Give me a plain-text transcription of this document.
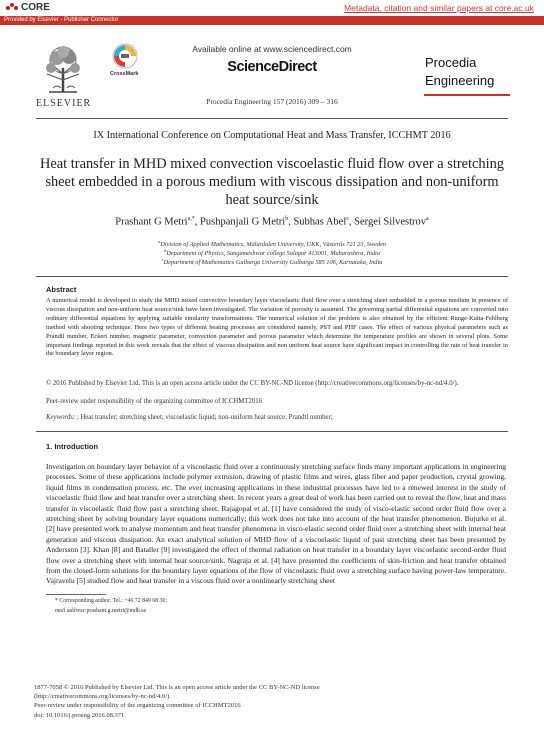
CORE	Metadata, citation and similar papers at core.ac.uk
Provided by Elsevier - Publisher Connector
ELSEVIER
CrossMark
Available online at www.sciencedirect.com
ScienceDirect
Procedia Engineering 157 (2016) 309 – 316
Procedia
Engineering
IX International Conference on Computational Heat and Mass Transfer, ICCHMT 2016
Heat transfer in MHD mixed convection viscoelastic fluid flow over a stretching sheet embedded in a porous medium with viscous dissipation and non-uniform heat source/sink
Prashant G Metri$^{a,*}$, Pushpanjali G Metri$^b$, Subhas Abel$^c$, Sergei Silvestrov$^a$
$^a$Division of Applied Mathematics, Mälardalen University, UKK, Västerås 721 23, Sweden
$^b$Department of Physics, Sangameshwar college Solapur 413001, Maharashtra, India
$^c$Department of Mathematics Gulbarga University Gulbarga 585 106, Karnataka, India
Abstract
A numerical model is developed to study the MHD mixed convective boundary layer viscoelastic fluid flow over a stretching sheet embedded in a porous medium in presence of viscous dissipation and non-uniform heat source/sink have been investigated. The variation of porosity is assumed. The governing partial differential equations are converted into ordinary differential equations by applying suitable similarity transformations. The numerical solution of the problem is also obtained by the efficient Runge-Kutta-Fehlberg method with shooting technique. Here two types of different heating processes are considered namely, PST and PHF cases. The effect of various physical parameters such as Prandtl number, Eckert number, magnetic parameter, convection parameter and porous parameter which determine the temperature profiles are shown in several plots. Some important findings reported in this work reveals that the effect of viscous dissipation and non uniform heat source have significant impact in controlling the rate of heat transfer in the boundary layer region.
© 2016 Published by Elsevier Ltd. This is an open access article under the CC BY-NC-ND license (http://creativecommons.org/licenses/by-nc-nd/4.0/).
Peer-review under responsibility of the organizing committee of ICCHMT2016
Keywords: ; Heat transfer; stretching sheet; viscoelastic liquid; non-uniform heat source; Prandtl number;
1. Introduction
Investigation on boundary layer behavior of a viscoelastic fluid over a continuously stretching surface finds many important applications in engineering processes. Some of these applications include polymer extrusion, drawing of plastic films and wires, glass fiber and paper production, crystal growing, liquid films in condensation process, etc. The ever increasing applications in these industrial processes have led to a renewed interest in the study of viscoelastic fluid flow and heat transfer over a stretching sheet. In recent years a great deal of work has been carried out to reveal the flow, heat and mass transfer in viscoelastic fluid flow past a stretching sheet. Rajagopal et al. [1] have considered the study of visco-elastic second order fluid flow over a stretching sheet by solving boundary layer equations numerically; this work does not take into account of the heat transfer phenomenon. Bujurke et al. [2] have presented work to analyse momentum and heat transfer phenomena in visco-elastic second order fluid over a stretching sheet with internal heat generation and viscous dissipation. An exact analytical solution of MHD flow of a viscoelastic liquid of past stretching sheet has been presented by Andersson [3]. Khan [8] and Bataller [9] investigated the effect of thermal radiation on heat transfer in a boundary layer viscoelastic second-order fluid flow over a stretching sheet with internal heat source/sink. Nagraja et al. [4] have presented the coefficients of skin-friction and heat transfer obtained from the closed-form solutions for the boundary layer equations of the flow of viscoelastic fluid over a stretching surface having power-law temperature. Vajravelu [5] studied flow and heat transfer in a viscous fluid over a nonlinearly stretching sheet
* Corresponding author. Tel.: +46 72 849 68 30;
mail address:prashant.g.metri@mdh.se
1877-7058 © 2016 Published by Elsevier Ltd. This is an open access article under the CC BY-NC-ND license
(http://creativecommons.org/licenses/by-nc-nd/4.0/).
Peer-review under responsibility of the organizing committee of ICCHMT2016
doi: 10.1016/j.proeng.2016.08.371
